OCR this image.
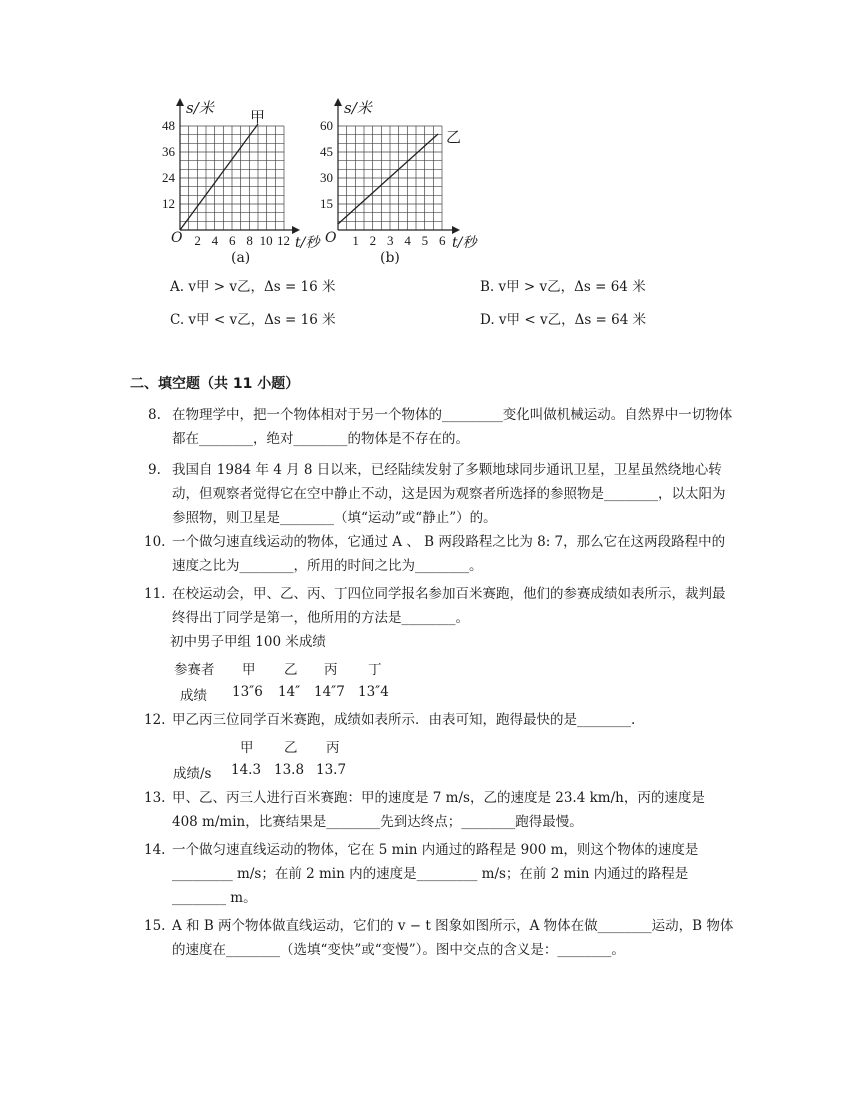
48
36
24
12
2 4 6 8 10 12
s/米 甲
O	t/秒
(a)
60
45
30
15
1 2 3 4 5 6
s/米
乙
O	t/秒
(b)
A. v甲 > v乙，Δs = 16 米	B. v甲 > v乙，Δs = 64 米
C. v甲 < v乙，Δs = 16 米	D. v甲 < v乙，Δs = 64 米
二、填空题（共 11 小题）
8. 在物理学中，把一个物体相对于另一个物体的_________变化叫做机械运动。自然界中一切物体都在________，绝对________的物体是不存在的。
9. 我国自 1984 年 4 月 8 日以来，已经陆续发射了多颗地球同步通讯卫星，卫星虽然绕地心转动，但观察者觉得它在空中静止不动，这是因为观察者所选择的参照物是________，以太阳为参照物，则卫星是________（填“运动”或“静止”）的。
10. 一个做匀速直线运动的物体，它通过 A 、 B 两段路程之比为 8: 7，那么它在这两段路程中的速度之比为________，所用的时间之比为________。
11. 在校运动会，甲、乙、丙、丁四位同学报名参加百米赛跑，他们的参赛成绩如表所示，裁判最终得出丁同学是第一，他所用的方法是________。
初中男子甲组 100 米成绩
参赛者 甲 乙 丙 丁
成绩 13″6 14″ 14″7 13″4
12. 甲乙丙三位同学百米赛跑，成绩如表所示．由表可知，跑得最快的是________.
甲 乙 丙
成绩/s 14.3 13.8 13.7
13. 甲、乙、丙三人进行百米赛跑：甲的速度是 7 m/s，乙的速度是 23.4 km/h，丙的速度是 408 m/min，比赛结果是________先到达终点；________跑得最慢。
14. 一个做匀速直线运动的物体，它在 5 min 内通过的路程是 900 m，则这个物体的速度是_________ m/s；在前 2 min 内的速度是_________ m/s；在前 2 min 内通过的路程是________ m。
15. A 和 B 两个物体做直线运动，它们的 v − t 图象如图所示，A 物体在做________运动，B 物体的速度在________（选填“变快”或“变慢”）。图中交点的含义是：________。
